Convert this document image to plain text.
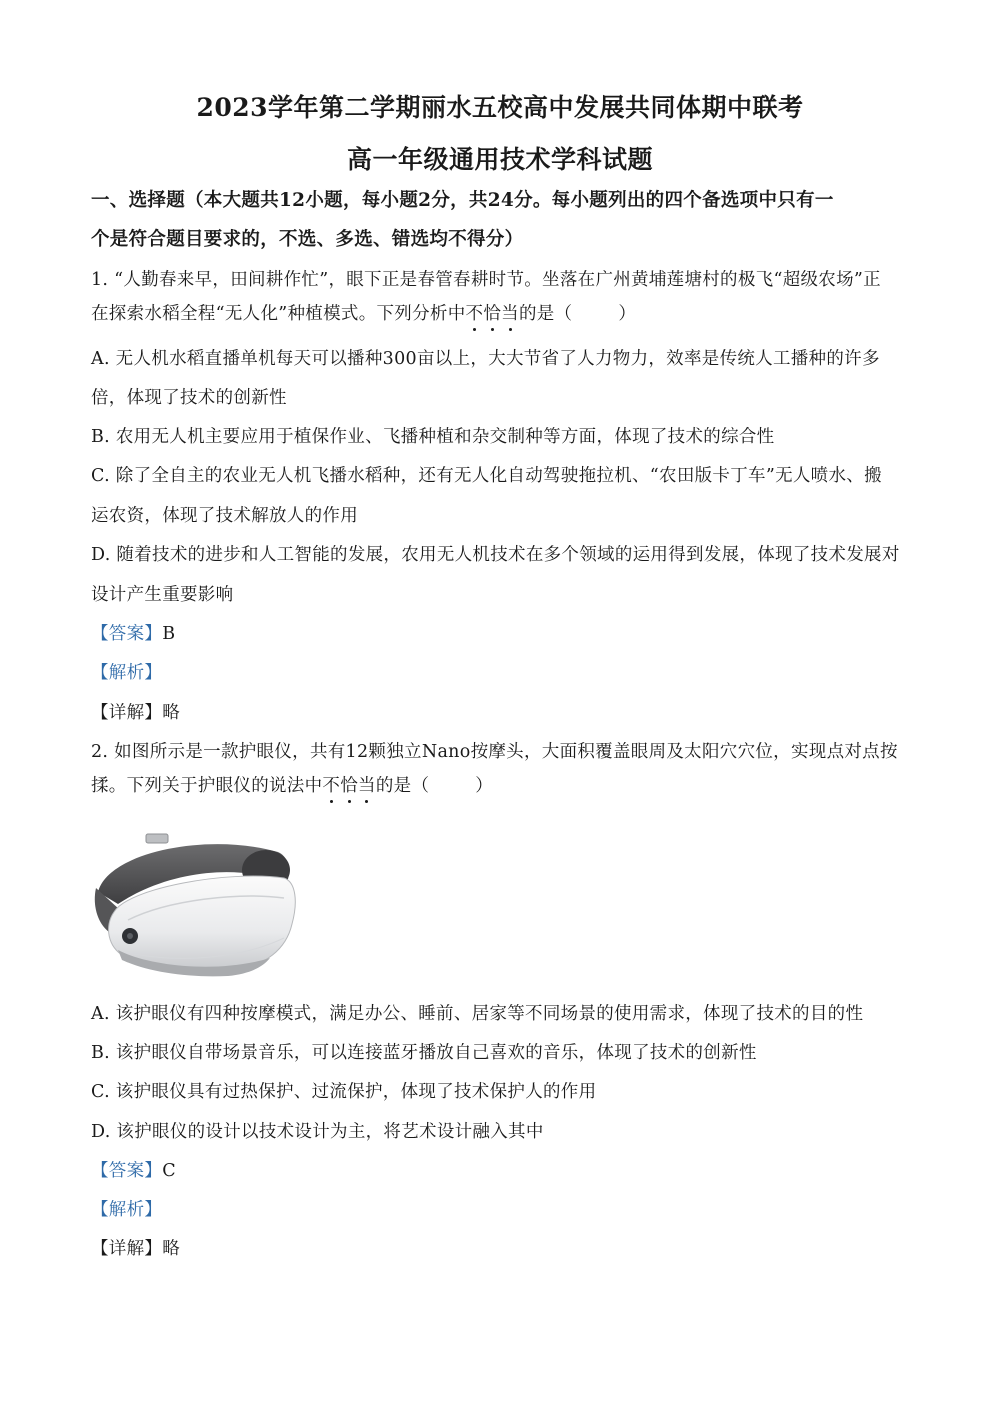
2023学年第二学期丽水五校高中发展共同体期中联考
高一年级通用技术学科试题
一、选择题（本大题共12小题，每小题2分，共24分。每小题列出的四个备选项中只有一
个是符合题目要求的，不选、多选、错选均不得分）
1. “人勤春来早，田间耕作忙”，眼下正是春管春耕时节。坐落在广州黄埔莲塘村的极飞“超级农场”正
在探索水稻全程“无人化”种植模式。下列分析中不恰当的是（	）
A. 无人机水稻直播单机每天可以播种300亩以上，大大节省了人力物力，效率是传统人工播种的许多
倍，体现了技术的创新性
B. 农用无人机主要应用于植保作业、飞播种植和杂交制种等方面，体现了技术的综合性
C. 除了全自主的农业无人机飞播水稻种，还有无人化自动驾驶拖拉机、“农田版卡丁车”无人喷水、搬
运农资，体现了技术解放人的作用
D. 随着技术的进步和人工智能的发展，农用无人机技术在多个领域的运用得到发展，体现了技术发展对
设计产生重要影响
【答案】B
【解析】
【详解】略
2. 如图所示是一款护眼仪，共有12颗独立Nano按摩头，大面积覆盖眼周及太阳穴穴位，实现点对点按
揉。下列关于护眼仪的说法中不恰当的是（	）
A. 该护眼仪有四种按摩模式，满足办公、睡前、居家等不同场景的使用需求，体现了技术的目的性
B. 该护眼仪自带场景音乐，可以连接蓝牙播放自己喜欢的音乐，体现了技术的创新性
C. 该护眼仪具有过热保护、过流保护，体现了技术保护人的作用
D. 该护眼仪的设计以技术设计为主，将艺术设计融入其中
【答案】C
【解析】
【详解】略
